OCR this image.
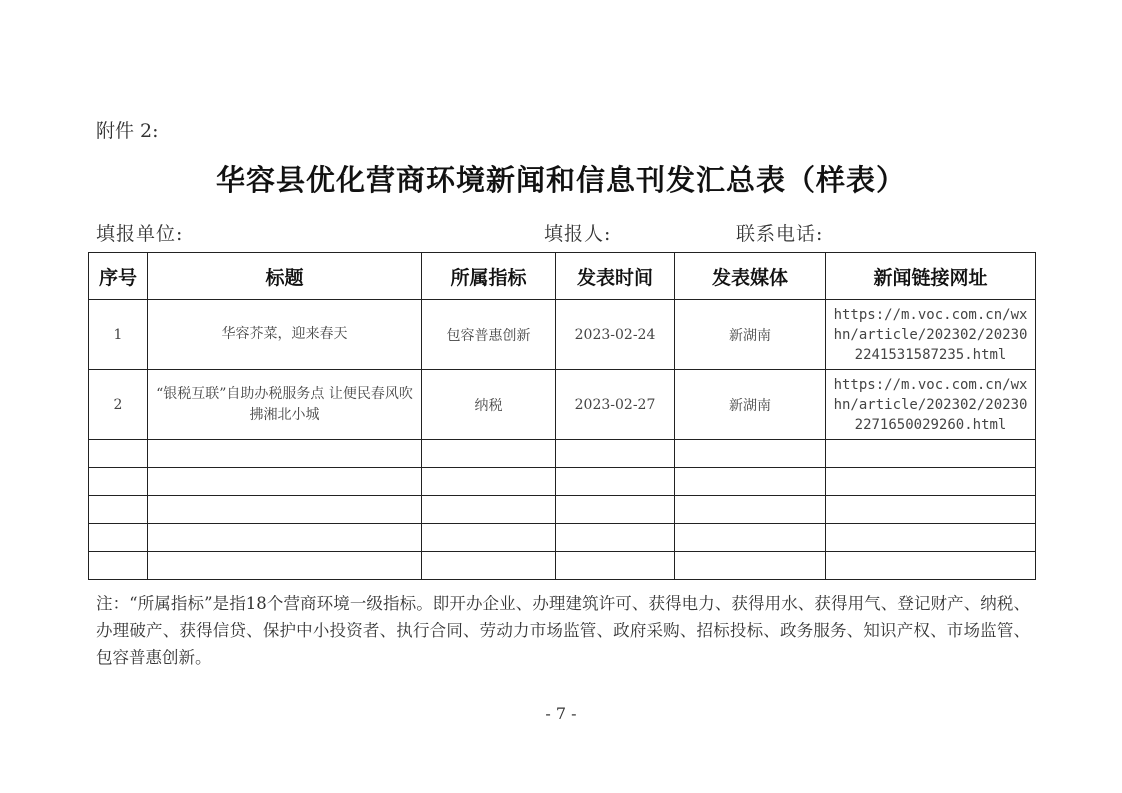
附件 2:
华容县优化营商环境新闻和信息刊发汇总表（样表）
填报单位:	填报人:	联系电话:
序号	标题	所属指标	发表时间	发表媒体	新闻链接网址
1	华容芥菜，迎来春天	包容普惠创新	2023-02-24	新湖南	https://m.voc.com.cn/wxhn/article/202302/202302241531587235.html
2	“银税互联”自助办税服务点 让便民春风吹拂湘北小城	纳税	2023-02-27	新湖南	https://m.voc.com.cn/wxhn/article/202302/202302271650029260.html

注：“所属指标”是指18个营商环境一级指标。即开办企业、办理建筑许可、获得电力、获得用水、获得用气、登记财产、纳税、办理破产、获得信贷、保护中小投资者、执行合同、劳动力市场监管、政府采购、招标投标、政务服务、知识产权、市场监管、包容普惠创新。
- 7 -
